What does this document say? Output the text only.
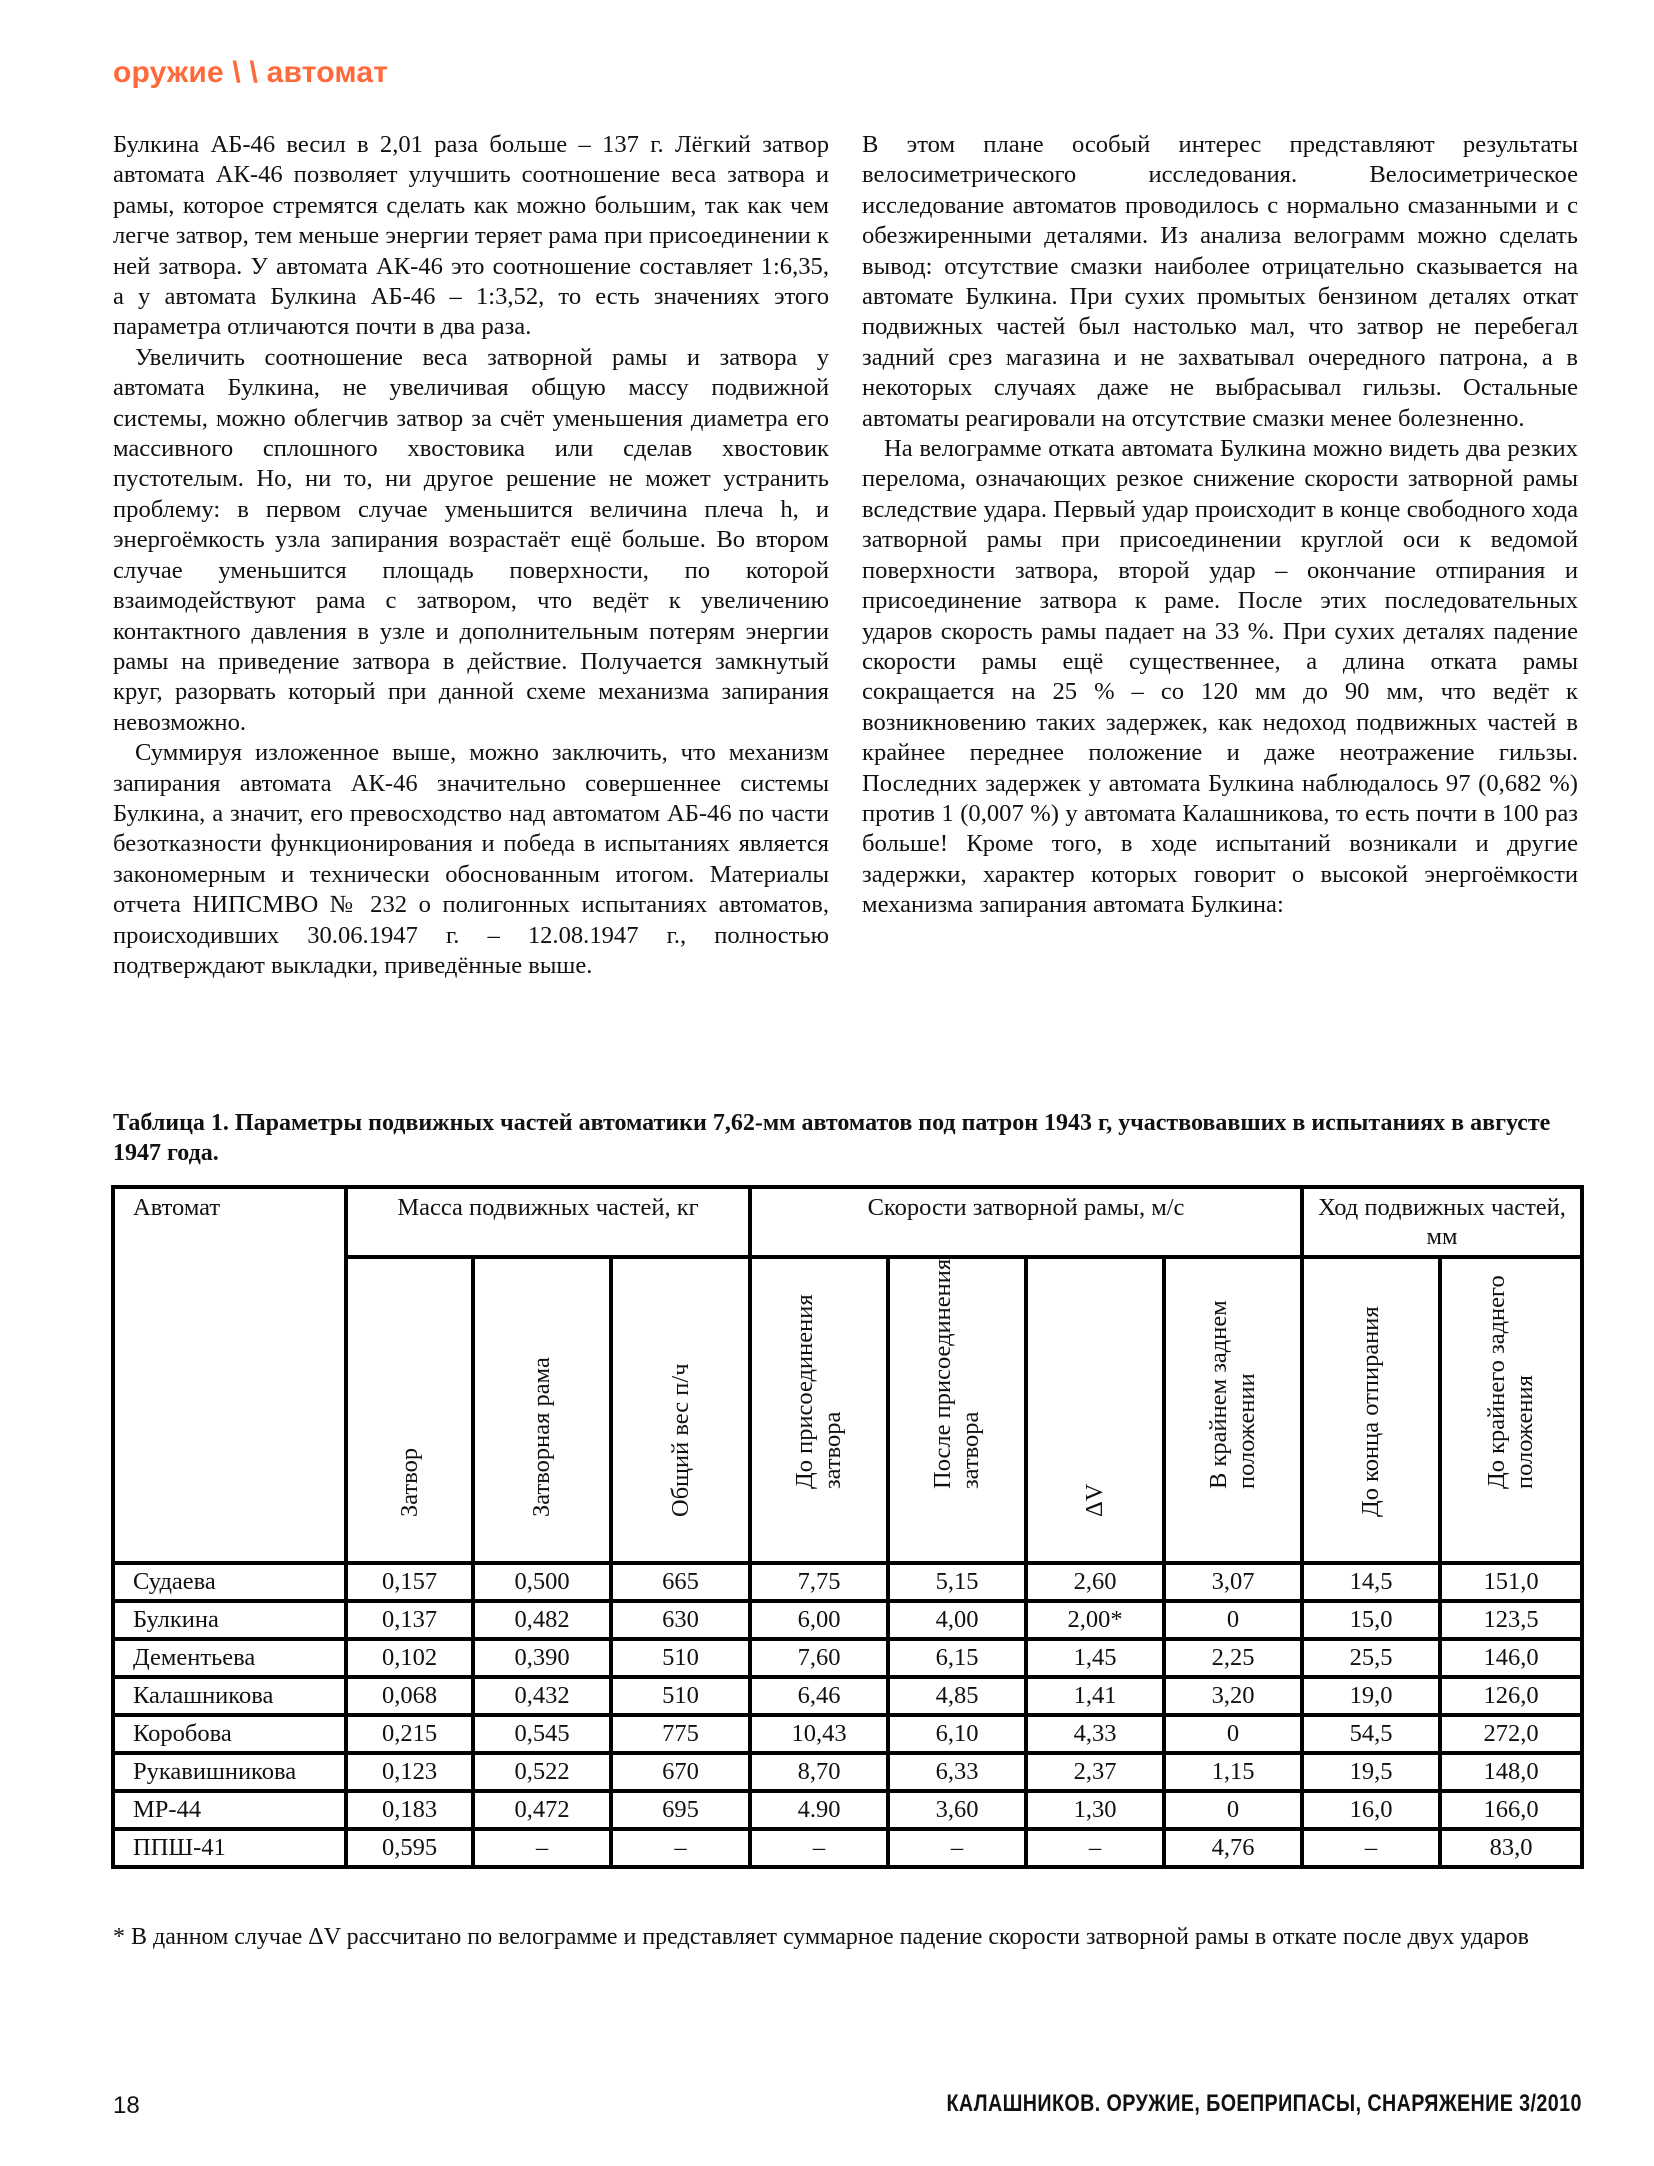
оружие \ \ автомат

Булкина АБ-46 весил в 2,01 раза больше – 137 г. Лёгкий затвор автомата АК-46 позволяет улучшить соотношение веса затвора и рамы, которое стремятся сделать как можно большим, так как чем легче затвор, тем меньше энергии теряет рама при присоединении к ней затвора. У автомата АК-46 это соотношение составляет 1:6,35, а у автомата Булкина АБ-46 – 1:3,52, то есть значениях этого параметра отличаются почти в два раза.

Увеличить соотношение веса затворной рамы и затвора у автомата Булкина, не увеличивая общую массу подвижной системы, можно облегчив затвор за счёт уменьшения диаметра его массивного сплошного хвостовика или сделав хвостовик пустотелым. Но, ни то, ни другое решение не может устранить проблему: в первом случае уменьшится величина плеча h, и энергоёмкость узла запирания возрастаёт ещё больше. Во втором случае уменьшится площадь поверхности, по которой взаимодействуют рама с затвором, что ведёт к увеличению контактного давления в узле и дополнительным потерям энергии рамы на приведение затвора в действие. Получается замкнутый круг, разорвать который при данной схеме механизма запирания невозможно.

Суммируя изложенное выше, можно заключить, что механизм запирания автомата АК-46 значительно совершеннее системы Булкина, а значит, его превосходство над автоматом АБ-46 по части безотказности функционирования и победа в испытаниях является закономерным и технически обоснованным итогом. Материалы отчета НИПСМВО № 232 о полигонных испытаниях автоматов, происходивших 30.06.1947 г. – 12.08.1947 г., полностью подтверждают выкладки, приведённые выше.

В этом плане особый интерес представляют результаты велосиметрического исследования. Велосиметрическое исследование автоматов проводилось с нормально смазанными и с обезжиренными деталями. Из анализа велограмм можно сделать вывод: отсутствие смазки наиболее отрицательно сказывается на автомате Булкина. При сухих промытых бензином деталях откат подвижных частей был настолько мал, что затвор не перебегал задний срез магазина и не захватывал очередного патрона, а в некоторых случаях даже не выбрасывал гильзы. Остальные автоматы реагировали на отсутствие смазки менее болезненно.

На велограмме отката автомата Булкина можно видеть два резких перелома, означающих резкое снижение скорости затворной рамы вследствие удара. Первый удар происходит в конце свободного хода затворной рамы при присоединении круглой оси к ведомой поверхности затвора, второй удар – окончание отпирания и присоединение затвора к раме. После этих последовательных ударов скорость рамы падает на 33 %. При сухих деталях падение скорости рамы ещё существеннее, а длина отката рамы сокращается на 25 % – со 120 мм до 90 мм, что ведёт к возникновению таких задержек, как недоход подвижных частей в крайнее переднее положение и даже неотражение гильзы. Последних задержек у автомата Булкина наблюдалось 97 (0,682 %) против 1 (0,007 %) у автомата Калашникова, то есть почти в 100 раз больше! Кроме того, в ходе испытаний возникали и другие задержки, характер которых говорит о высокой энергоёмкости механизма запирания автомата Булкина:

Таблица 1. Параметры подвижных частей автоматики 7,62-мм автоматов под патрон 1943 г, участвовавших в испытаниях в августе 1947 года.
Автомат	Масса подвижных частей, кг			Скорости затворной рамы, м/с				Ход подвижных частей, мм	

	Затвор	Затворная рама	Общий вес п/ч	До присоединения
затвора	После присоединения
затвора	ΔV	В крайнем заднем
положении	До конца отпирания	До крайнего заднего
положения

Судаева	0,157	0,500	665	7,75	5,15	2,60	3,07	14,5	151,0
Булкина	0,137	0,482	630	6,00	4,00	2,00*	0	15,0	123,5
Дементьева	0,102	0,390	510	7,60	6,15	1,45	2,25	25,5	146,0
Калашникова	0,068	0,432	510	6,46	4,85	1,41	3,20	19,0	126,0
Коробова	0,215	0,545	775	10,43	6,10	4,33	0	54,5	272,0
Рукавишникова	0,123	0,522	670	8,70	6,33	2,37	1,15	19,5	148,0
МР-44	0,183	0,472	695	4.90	3,60	1,30	0	16,0	166,0
ППШ-41	0,595	–	–	–	–	–	4,76	–	83,0
* В данном случае ΔV рассчитано по велограмме и представляет суммарное падение скорости затворной рамы в откате после двух ударов
18	КАЛАШНИКОВ. ОРУЖИЕ, БОЕПРИПАСЫ, СНАРЯЖЕНИЕ 3/2010
